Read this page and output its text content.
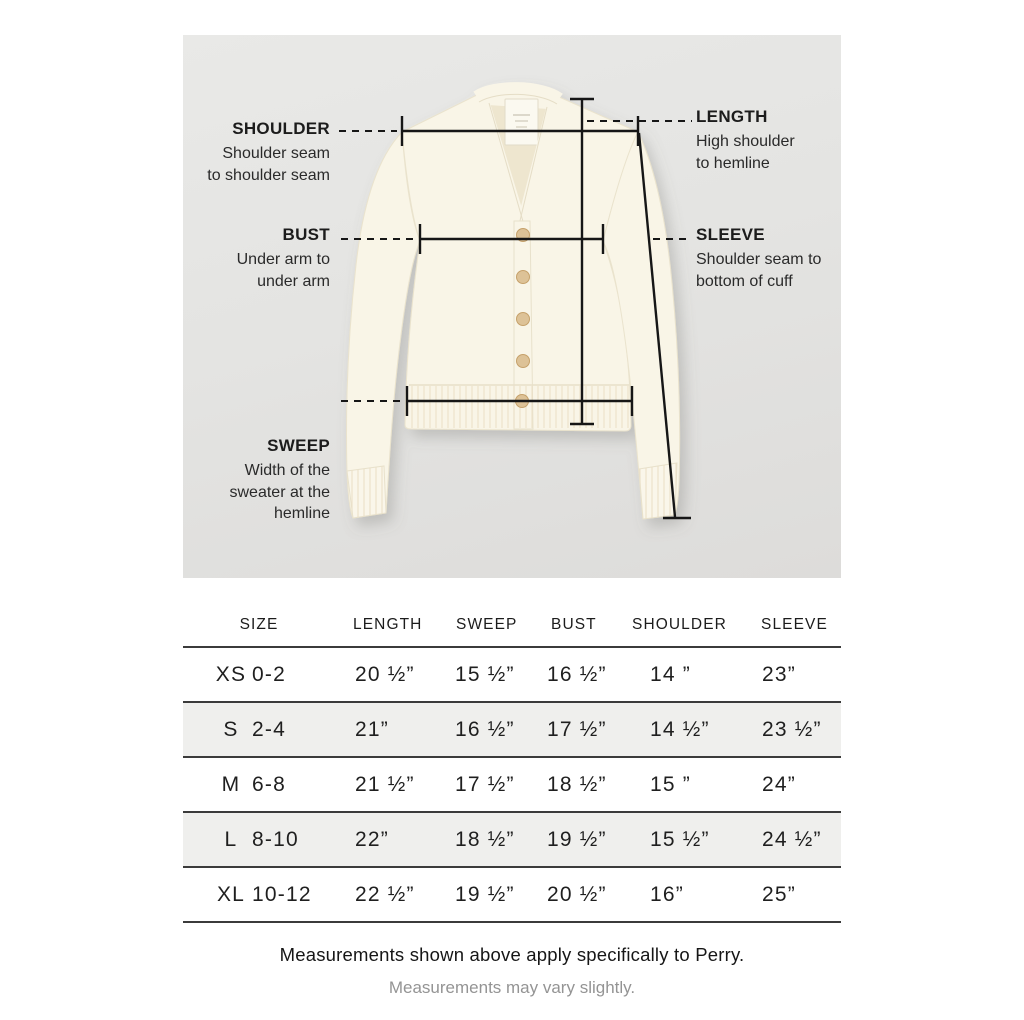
SHOULDER
Shoulder seam
to shoulder seam
BUST
Under arm to
under arm
SWEEP
Width of the
sweater at the
hemline
LENGTH
High shoulder
to hemline
SLEEVE
Shoulder seam to
bottom of cuff
SIZE	LENGTH	SWEEP	BUST	SHOULDER	SLEEVE
XS 0-2	20 ½”	15 ½”	16 ½”	14 ”	23”
S 2-4	21”	16 ½”	17 ½”	14 ½”	23 ½”
M 6-8	21 ½”	17 ½”	18 ½”	15 ”	24”
L 8-10	22”	18 ½”	19 ½”	15 ½”	24 ½”
XL 10-12	22 ½”	19 ½”	20 ½”	16”	25”
Measurements shown above apply specifically to Perry.
Measurements may vary slightly.
